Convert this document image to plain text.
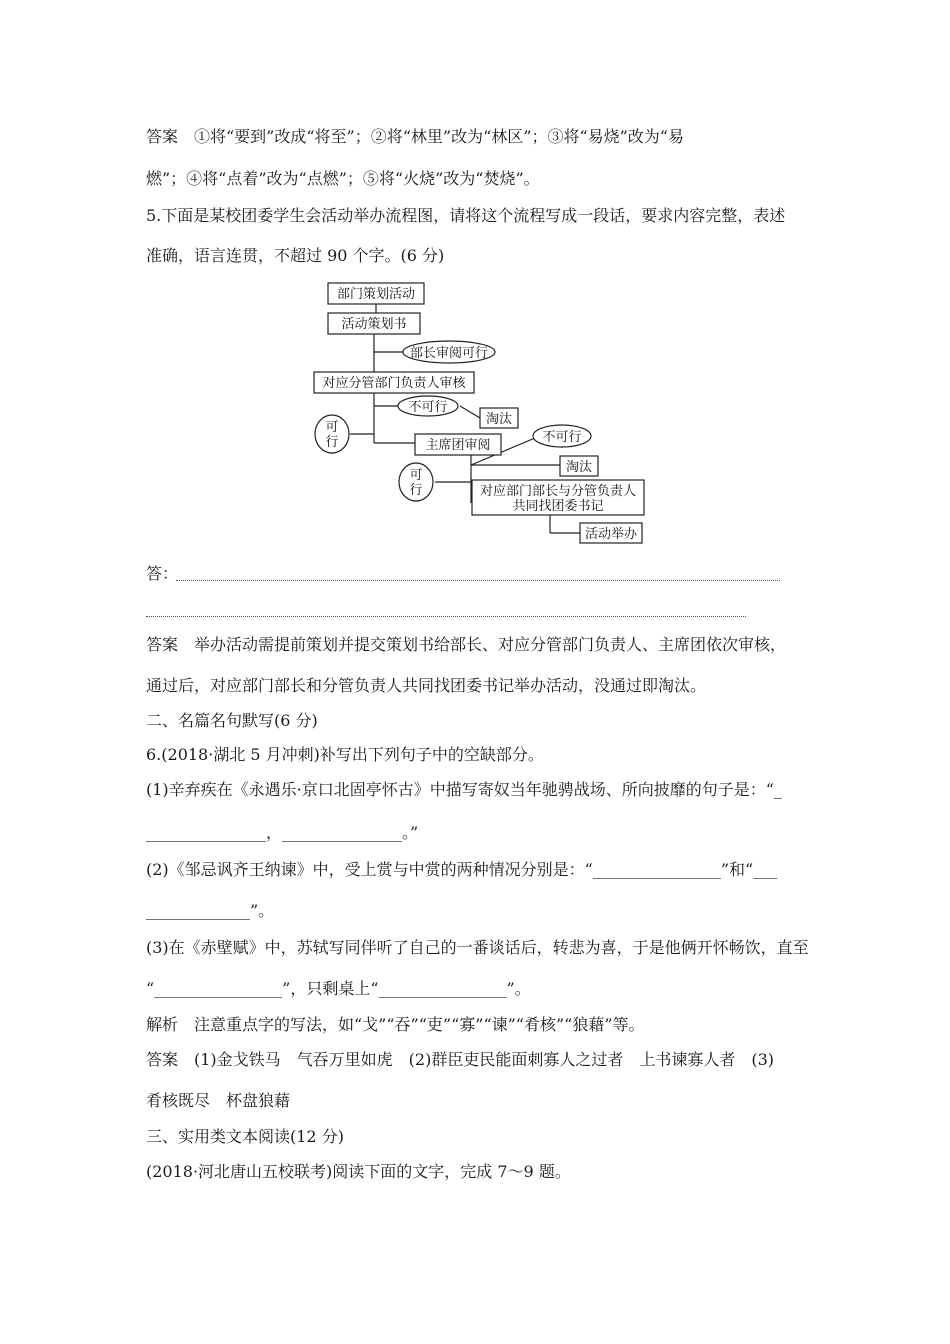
答案　①将“要到”改成“将至”；②将“林里”改为“林区”；③将“易烧”改为“易
燃”；④将“点着”改为“点燃”；⑤将“火烧”改为“焚烧”。
5.下面是某校团委学生会活动举办流程图，请将这个流程写成一段话，要求内容完整，表述
准确，语言连贯，不超过 90 个字。(6 分)
部门策划活动
活动策划书
部长审阅可行
对应分管部门负责人审核
不可行
淘汰
可
行	主席团审阅
不可行
淘汰
可
行	对应部门部长与分管负责人
共同找团委书记
活动举办
答：
答案　举办活动需提前策划并提交策划书给部长、对应分管部门负责人、主席团依次审核，
通过后，对应部门部长和分管负责人共同找团委书记举办活动，没通过即淘汰。
二、名篇名句默写(6 分)
6.(2018·湖北 5 月冲刺)补写出下列句子中的空缺部分。
(1)辛弃疾在《永遇乐·京口北固亭怀古》中描写寄奴当年驰骋战场、所向披靡的句子是：“_
_______________，_______________。”
(2)《邹忌讽齐王纳谏》中，受上赏与中赏的两种情况分别是：“________________”和“___
_____________”。
(3)在《赤壁赋》中，苏轼写同伴听了自己的一番谈话后，转悲为喜，于是他俩开怀畅饮，直至
“________________”，只剩桌上“________________”。
解析　注意重点字的写法，如“戈”“吞”“吏”“寡”“谏”“肴核”“狼藉”等。
答案　(1)金戈铁马　气吞万里如虎　(2)群臣吏民能面刺寡人之过者　上书谏寡人者　(3)
肴核既尽　杯盘狼藉
三、实用类文本阅读(12 分)
(2018·河北唐山五校联考)阅读下面的文字，完成 7～9 题。
